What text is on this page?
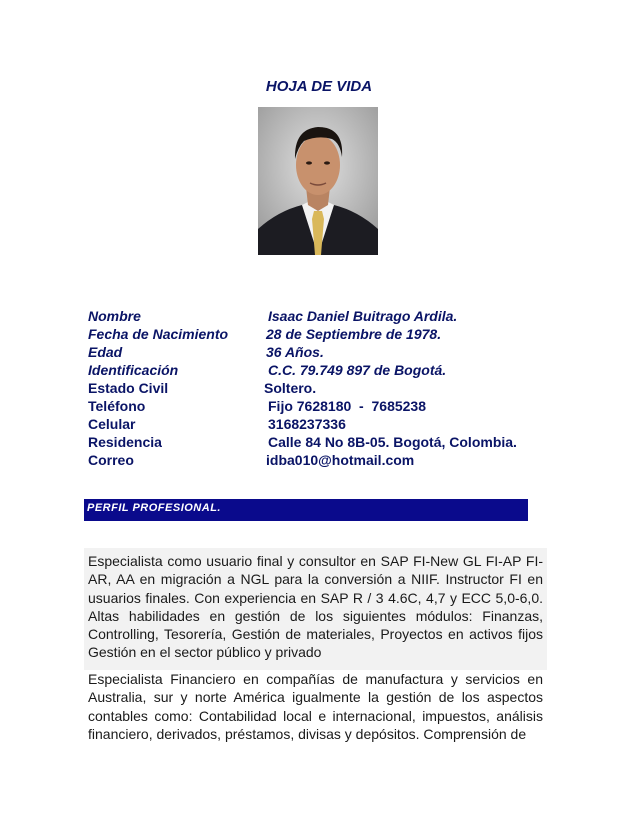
HOJA DE VIDA
Nombre	Isaac Daniel Buitrago Ardila.
Fecha de Nacimiento	28 de Septiembre de 1978.
Edad	36 Años.
Identificación	C.C. 79.749 897 de Bogotá.
Estado Civil	Soltero.
Teléfono	Fijo 7628180  -  7685238
Celular	3168237336
Residencia	Calle 84 No 8B-05. Bogotá, Colombia.
Correo	idba010@hotmail.com
PERFIL PROFESIONAL.

Especialista como usuario final y consultor en SAP FI-New GL FI-AP FI-AR, AA en migración a NGL para la conversión a NIIF. Instructor FI en usuarios finales. Con experiencia en SAP R / 3 4.6C, 4,7 y ECC 5,0-6,0. Altas habilidades en gestión de los siguientes módulos: Finanzas, Controlling, Tesorería, Gestión de materiales, Proyectos en activos fijos Gestión en el sector público y privado

Especialista Financiero en compañías de manufactura y servicios en Australia, sur y norte América igualmente la gestión de los aspectos contables como: Contabilidad local e internacional, impuestos, análisis financiero, derivados, préstamos, divisas y depósitos. Comprensión de
